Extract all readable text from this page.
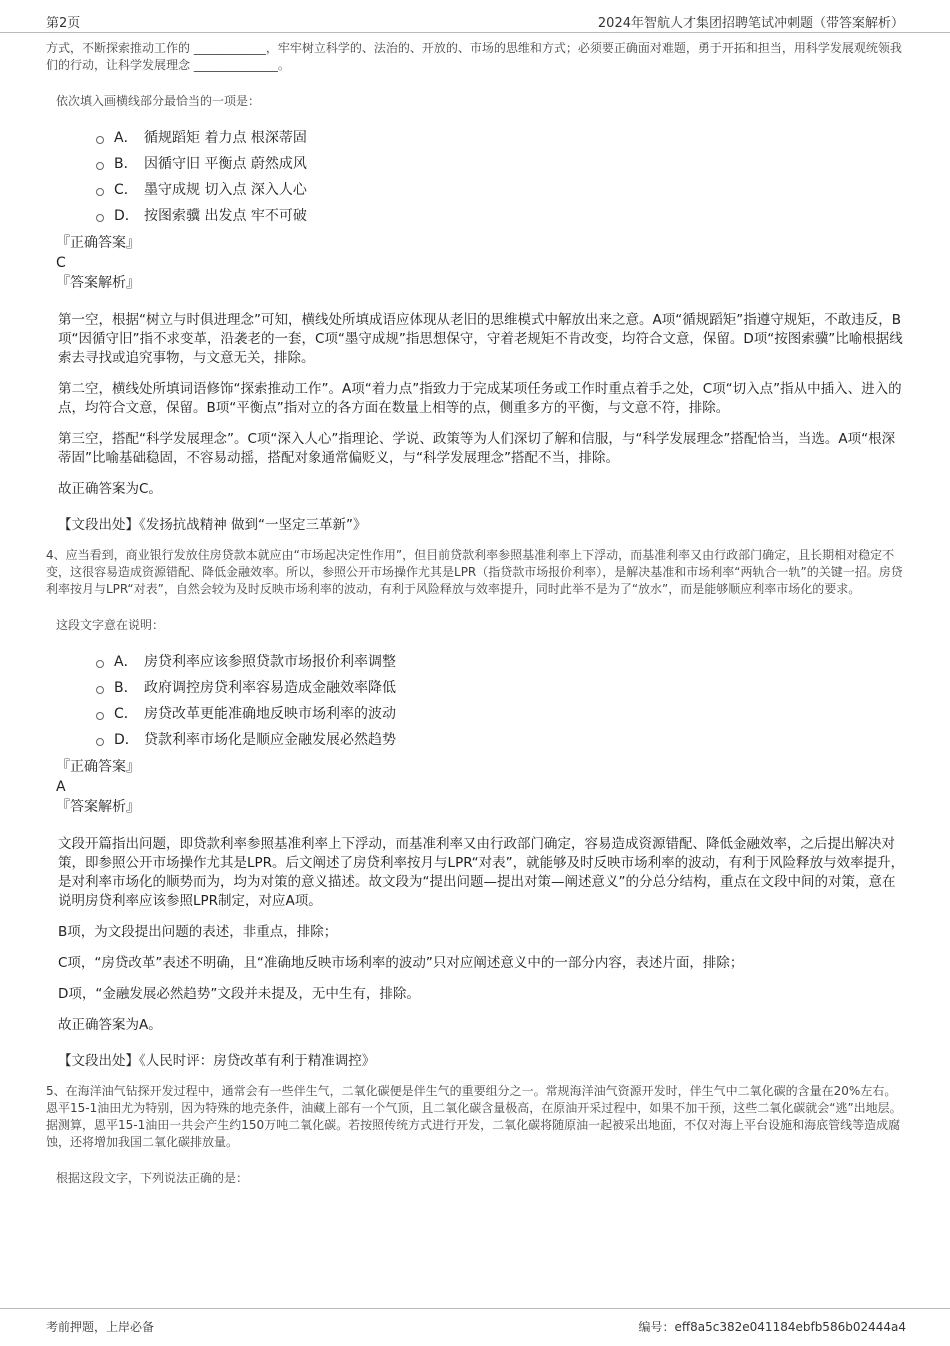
第2页	2024年智航人才集团招聘笔试冲刺题（带答案解析）

方式，不断探索推动工作的 ____________，牢牢树立科学的、法治的、开放的、市场的思维和方式；必须要正确面对难题，勇于开拓和担当，用科学发展观统领我们的行动，让科学发展理念 ______________。

依次填入画横线部分最恰当的一项是：

A． 循规蹈矩 着力点 根深蒂固
B． 因循守旧 平衡点 蔚然成风
C． 墨守成规 切入点 深入人心
D． 按图索骥 出发点 牢不可破
『正确答案』
C
『答案解析』

第一空，根据“树立与时俱进理念”可知，横线处所填成语应体现从老旧的思维模式中解放出来之意。A项“循规蹈矩”指遵守规矩，不敢违反，B项“因循守旧”指不求变革，沿袭老的一套，C项“墨守成规”指思想保守，守着老规矩不肯改变，均符合文意，保留。D项“按图索骥”比喻根据线索去寻找或追究事物，与文意无关，排除。

第二空，横线处所填词语修饰“探索推动工作”。A项“着力点”指致力于完成某项任务或工作时重点着手之处，C项“切入点”指从中插入、进入的点，均符合文意，保留。B项“平衡点”指对立的各方面在数量上相等的点，侧重多方的平衡，与文意不符，排除。

第三空，搭配“科学发展理念”。C项“深入人心”指理论、学说、政策等为人们深切了解和信服，与“科学发展理念”搭配恰当，当选。A项“根深蒂固”比喻基础稳固，不容易动摇，搭配对象通常偏贬义，与“科学发展理念”搭配不当，排除。

故正确答案为C。

【文段出处】《发扬抗战精神 做到“一坚定三革新”》

4、应当看到，商业银行发放住房贷款本就应由“市场起决定性作用”，但目前贷款利率参照基准利率上下浮动，而基准利率又由行政部门确定，且长期相对稳定不变，这很容易造成资源错配、降低金融效率。所以，参照公开市场操作尤其是LPR（指贷款市场报价利率），是解决基准和市场利率“两轨合一轨”的关键一招。房贷利率按月与LPR“对表”，自然会较为及时反映市场利率的波动，有利于风险释放与效率提升，同时此举不是为了“放水”，而是能够顺应利率市场化的要求。

这段文字意在说明：

A． 房贷利率应该参照贷款市场报价利率调整
B． 政府调控房贷利率容易造成金融效率降低
C． 房贷改革更能准确地反映市场利率的波动
D． 贷款利率市场化是顺应金融发展必然趋势
『正确答案』
A
『答案解析』

文段开篇指出问题，即贷款利率参照基准利率上下浮动，而基准利率又由行政部门确定，容易造成资源错配、降低金融效率，之后提出解决对策，即参照公开市场操作尤其是LPR。后文阐述了房贷利率按月与LPR“对表”，就能够及时反映市场利率的波动，有利于风险释放与效率提升，是对利率市场化的顺势而为，均为对策的意义描述。故文段为“提出问题—提出对策—阐述意义”的分总分结构，重点在文段中间的对策，意在说明房贷利率应该参照LPR制定，对应A项。

B项，为文段提出问题的表述，非重点，排除；

C项，“房贷改革”表述不明确，且“准确地反映市场利率的波动”只对应阐述意义中的一部分内容，表述片面，排除；

D项，“金融发展必然趋势”文段并未提及，无中生有，排除。

故正确答案为A。

【文段出处】《人民时评：房贷改革有利于精准调控》

5、在海洋油气钻探开发过程中，通常会有一些伴生气，二氧化碳便是伴生气的重要组分之一。常规海洋油气资源开发时，伴生气中二氧化碳的含量在20%左右。恩平15-1油田尤为特别，因为特殊的地壳条件，油藏上部有一个气顶，且二氧化碳含量极高，在原油开采过程中，如果不加干预，这些二氧化碳就会“逃”出地层。据测算，恩平15-1油田一共会产生约150万吨二氧化碳。若按照传统方式进行开发，二氧化碳将随原油一起被采出地面，不仅对海上平台设施和海底管线等造成腐蚀，还将增加我国二氧化碳排放量。

根据这段文字，下列说法正确的是：

考前押题，上岸必备	编号：eff8a5c382e041184ebfb586b02444a4
